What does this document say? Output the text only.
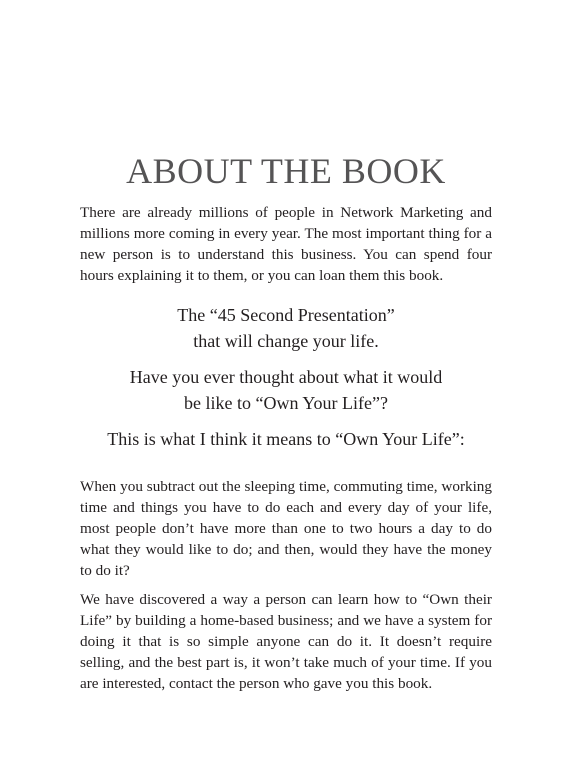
ABOUT THE BOOK

There are already millions of people in Network Marketing and millions more coming in every year. The most important thing for a new person is to understand this business. You can spend four hours explaining it to them, or you can loan them this book.

The “45 Second Presentation”
that will change your life.
Have you ever thought about what it would
be like to “Own Your Life”?
This is what I think it means to “Own Your Life”:

When you subtract out the sleeping time, commuting time, working time and things you have to do each and every day of your life, most people don’t have more than one to two hours a day to do what they would like to do; and then, would they have the money to do it?

We have discovered a way a person can learn how to “Own their Life” by building a home-based business; and we have a system for doing it that is so simple anyone can do it. It doesn’t require selling, and the best part is, it won’t take much of your time. If you are interested, contact the person who gave you this book.
